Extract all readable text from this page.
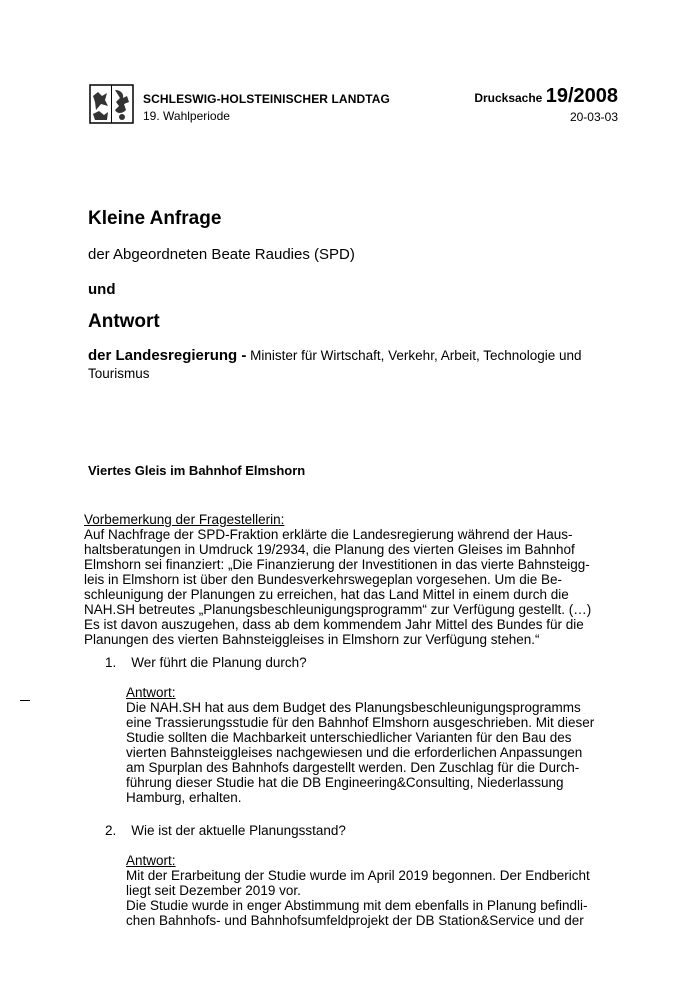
SCHLESWIG-HOLSTEINISCHER LANDTAG
19. Wahlperiode
Drucksache 19/2008
20-03-03
Kleine Anfrage
der Abgeordneten Beate Raudies (SPD)
und
Antwort
der Landesregierung - Minister für Wirtschaft, Verkehr, Arbeit, Technologie und Tourismus
Viertes Gleis im Bahnhof Elmshorn
Vorbemerkung der Fragestellerin:
Auf Nachfrage der SPD-Fraktion erklärte die Landesregierung während der Haus-
haltsberatungen in Umdruck 19/2934, die Planung des vierten Gleises im Bahnhof
Elmshorn sei finanziert: „Die Finanzierung der Investitionen in das vierte Bahnsteigg-
leis in Elmshorn ist über den Bundesverkehrswegeplan vorgesehen. Um die Be-
schleunigung der Planungen zu erreichen, hat das Land Mittel in einem durch die
NAH.SH betreutes „Planungsbeschleunigungsprogramm“ zur Verfügung gestellt. (…)
Es ist davon auszugehen, dass ab dem kommendem Jahr Mittel des Bundes für die
Planungen des vierten Bahnsteiggleises in Elmshorn zur Verfügung stehen.“
1. Wer führt die Planung durch?
Antwort:
Die NAH.SH hat aus dem Budget des Planungsbeschleunigungsprogramms
eine Trassierungsstudie für den Bahnhof Elmshorn ausgeschrieben. Mit dieser
Studie sollten die Machbarkeit unterschiedlicher Varianten für den Bau des
vierten Bahnsteiggleises nachgewiesen und die erforderlichen Anpassungen
am Spurplan des Bahnhofs dargestellt werden. Den Zuschlag für die Durch-
führung dieser Studie hat die DB Engineering&Consulting, Niederlassung
Hamburg, erhalten.
2. Wie ist der aktuelle Planungsstand?
Antwort:
Mit der Erarbeitung der Studie wurde im April 2019 begonnen. Der Endbericht
liegt seit Dezember 2019 vor.
Die Studie wurde in enger Abstimmung mit dem ebenfalls in Planung befindli-
chen Bahnhofs- und Bahnhofsumfeldprojekt der DB Station&Service und der
